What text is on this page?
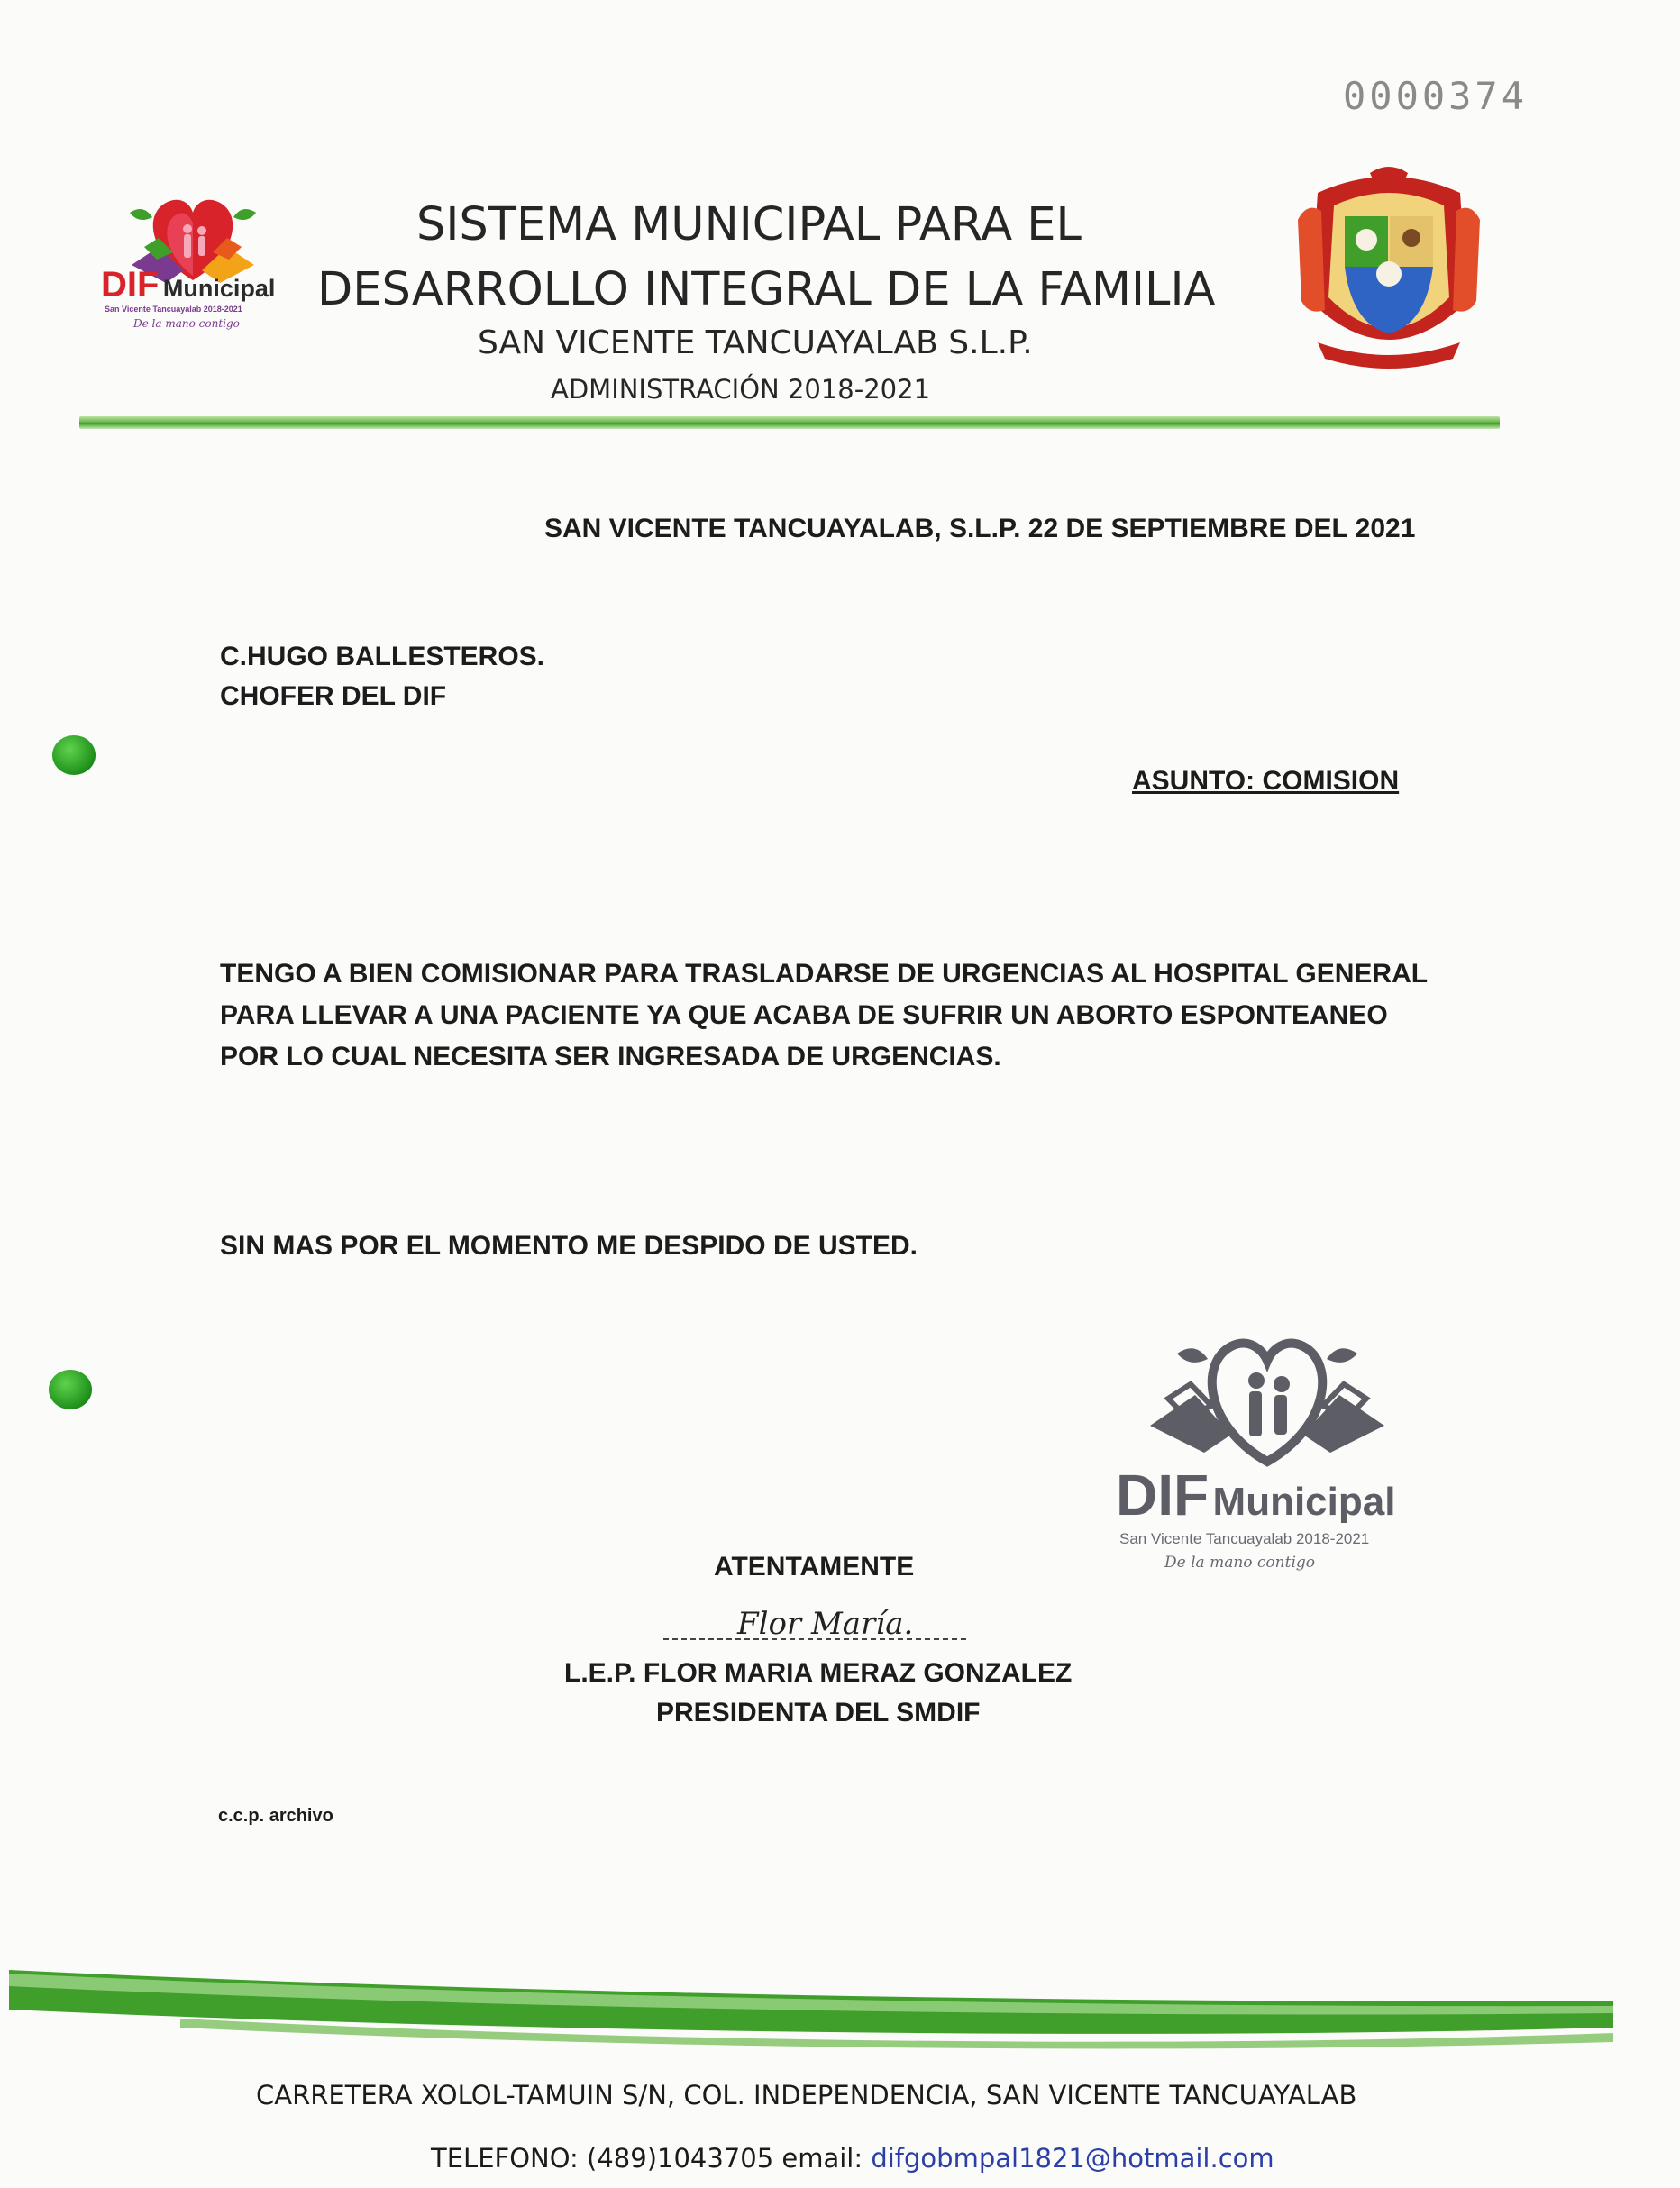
0000374
DIF Municipal
San Vicente Tancuayalab 2018-2021
De la mano contigo
SISTEMA MUNICIPAL PARA EL
DESARROLLO INTEGRAL DE LA FAMILIA
SAN VICENTE TANCUAYALAB S.L.P.
ADMINISTRACIÓN 2018-2021
SAN VICENTE TANCUAYALAB, S.L.P. 22 DE SEPTIEMBRE DEL 2021
C.HUGO BALLESTEROS.
CHOFER DEL DIF
ASUNTO: COMISION
TENGO A BIEN COMISIONAR PARA TRASLADARSE DE URGENCIAS AL HOSPITAL GENERAL
PARA LLEVAR A UNA PACIENTE YA QUE ACABA DE SUFRIR UN ABORTO ESPONTEANEO
POR LO CUAL NECESITA SER INGRESADA DE URGENCIAS.
SIN MAS POR EL MOMENTO ME DESPIDO DE USTED.
DIF Municipal
San Vicente Tancuayalab 2018-2021
De la mano contigo
ATENTAMENTE
Flor María.
L.E.P. FLOR MARIA MERAZ GONZALEZ
PRESIDENTA DEL SMDIF
c.c.p. archivo
CARRETERA XOLOL-TAMUIN S/N, COL. INDEPENDENCIA, SAN VICENTE TANCUAYALAB
TELEFONO: (489)1043705 email: difgobmpal1821@hotmail.com
